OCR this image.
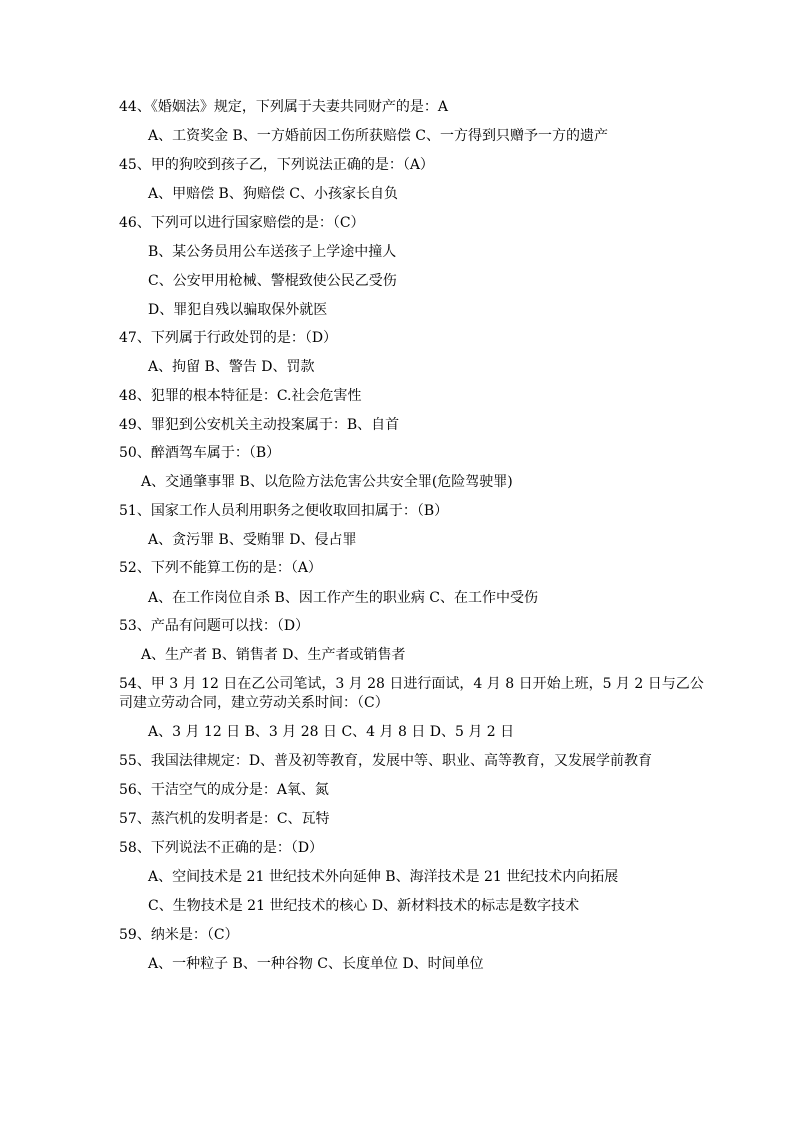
44、《婚姻法》规定，下列属于夫妻共同财产的是：A
A、工资奖金 B、一方婚前因工伤所获赔偿 C、一方得到只赠予一方的遗产
45、甲的狗咬到孩子乙，下列说法正确的是：（A）
A、甲赔偿 B、狗赔偿 C、小孩家长自负
46、下列可以进行国家赔偿的是：（C）
B、某公务员用公车送孩子上学途中撞人
C、公安甲用枪械、警棍致使公民乙受伤
D、罪犯自残以骗取保外就医
47、下列属于行政处罚的是：（D）
A、拘留 B、警告 D、罚款
48、犯罪的根本特征是：C.社会危害性
49、罪犯到公安机关主动投案属于：B、自首
50、醉酒驾车属于：（B）
A、交通肇事罪 B、以危险方法危害公共安全罪(危险驾驶罪)
51、国家工作人员利用职务之便收取回扣属于：（B）
A、贪污罪 B、受贿罪 D、侵占罪
52、下列不能算工伤的是：（A）
A、在工作岗位自杀 B、因工作产生的职业病 C、在工作中受伤
53、产品有问题可以找：（D）
A、生产者 B、销售者 D、生产者或销售者
54、甲 3 月 12 日在乙公司笔试，3 月 28 日进行面试，4 月 8 日开始上班，5 月 2 日与乙公
司建立劳动合同，建立劳动关系时间：（C）
A、3 月 12 日 B、3 月 28 日 C、4 月 8 日 D、5 月 2 日
55、我国法律规定：D、普及初等教育，发展中等、职业、高等教育，又发展学前教育
56、干洁空气的成分是：A氧、氮
57、蒸汽机的发明者是：C、瓦特
58、下列说法不正确的是：（D）
A、空间技术是 21 世纪技术外向延伸 B、海洋技术是 21 世纪技术内向拓展
C、生物技术是 21 世纪技术的核心 D、新材料技术的标志是数字技术
59、纳米是：（C）
A、一种粒子 B、一种谷物 C、长度单位 D、时间单位
